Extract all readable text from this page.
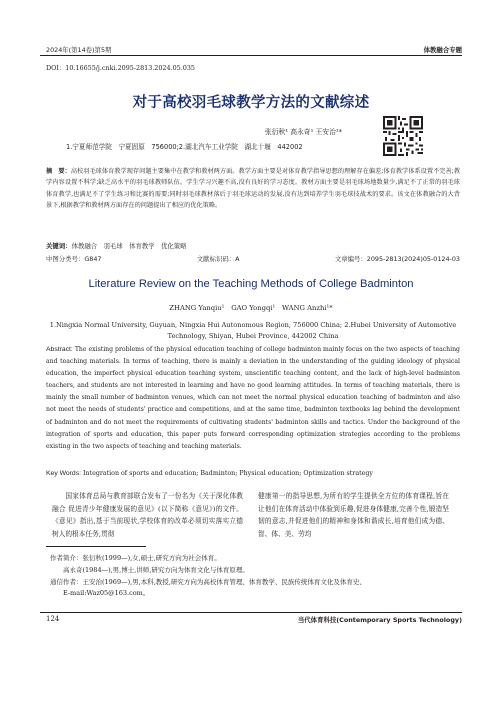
2024年(第14卷)第5期	体教融合专题
DOI：10.16655/j.cnki.2095-2813.2024.05.035
对于高校羽毛球教学方法的文献综述
张衍秋¹ 高永奇¹ 王安治¹*
1.宁夏师范学院　宁夏固原　756000;2.湖北汽车工业学院　湖北十堰　442002
摘　要：高校羽毛球体育教学现存问题主要集中在教学和教材两方面。教学方面主要是对体育教学指导思想的理解存在偏差;体育教学体系设置不完善;教学内容设置不科学;缺乏高水平的羽毛球教师队伍。学生学习兴趣不高,没有良好的学习态度。教材方面主要是羽毛球场地数量少,满足不了正常的羽毛球体育教学,也满足不了学生练习和比赛的需要;同时羽毛球教材落后于羽毛球运动的发展,没有达到培养学生羽毛球技战术的要求。该文在体教融合的大背景下,根据教学和教材两方面存在的问题提出了相应的优化策略。
关键词：体教融合　羽毛球　体育教学　优化策略
中图分类号：G847	文献标识码：A	文章编号：2095-2813(2024)05-0124-03
Literature Review on the Teaching Methods of College Badminton
ZHANG Yanqiu¹　GAO Yongqi¹　WANG Anzhi¹*
1.Ningxia Normal University, Guyuan, Ningxia Hui Autonomous Region, 756000 China; 2.Hubei University of Automotive Technology, Shiyan, Hubei Province, 442002 China
Abstract: The existing problems of the physical education teaching of college badminton mainly focus on the two aspects of teaching and teaching materials. In terms of teaching, there is mainly a deviation in the understanding of the guiding ideology of physical education, the imperfect physical education teaching system, unscientific teaching content, and the lack of high-level badminton teachers, and students are not interested in learning and have no good learning attitudes. In terms of teaching materials, there is mainly the small number of badminton venues, which can not meet the normal physical education teaching of badminton and also not meet the needs of students' practice and competitions, and at the same time, badminton textbooks lag behind the development of badminton and do not meet the requirements of cultivating students' badminton skills and tactics. Under the background of the integration of sports and education, this paper puts forward corresponding optimization strategies according to the problems existing in the two aspects of teaching and teaching materials.
Key Words: Integration of sports and education; Badminton; Physical education; Optimization strategy
国家体育总局与教育部联合发布了一份名为《关于深化体教融合 促进青少年健康发展的意见》(以下简称《意见》)的文件。《意见》指出,基于当前现状,学校体育的改革必须切实落实立德树人的根本任务,贯彻
健康第一的指导思想,为所有的学生提供全方位的体育课程,旨在让他们在体育活动中体验到乐趣,促进身体健康,完善个性,锻造坚韧的意志,并促进他们的精神和身体和谐成长,培育他们成为德、智、体、美、劳均
作者简介：张衍秋(1999—),女,硕士,研究方向为社会体育。
高永奇(1984—),男,博士,讲师,研究方向为体育文化与体育原理。
通信作者：王安治(1969—),男,本科,教授,研究方向为高校体育管理、体育教学、民族传统体育文化及体育史、
E-mail:Waz05@163.com。
124	当代体育科技(Contemporary Sports Technology)
